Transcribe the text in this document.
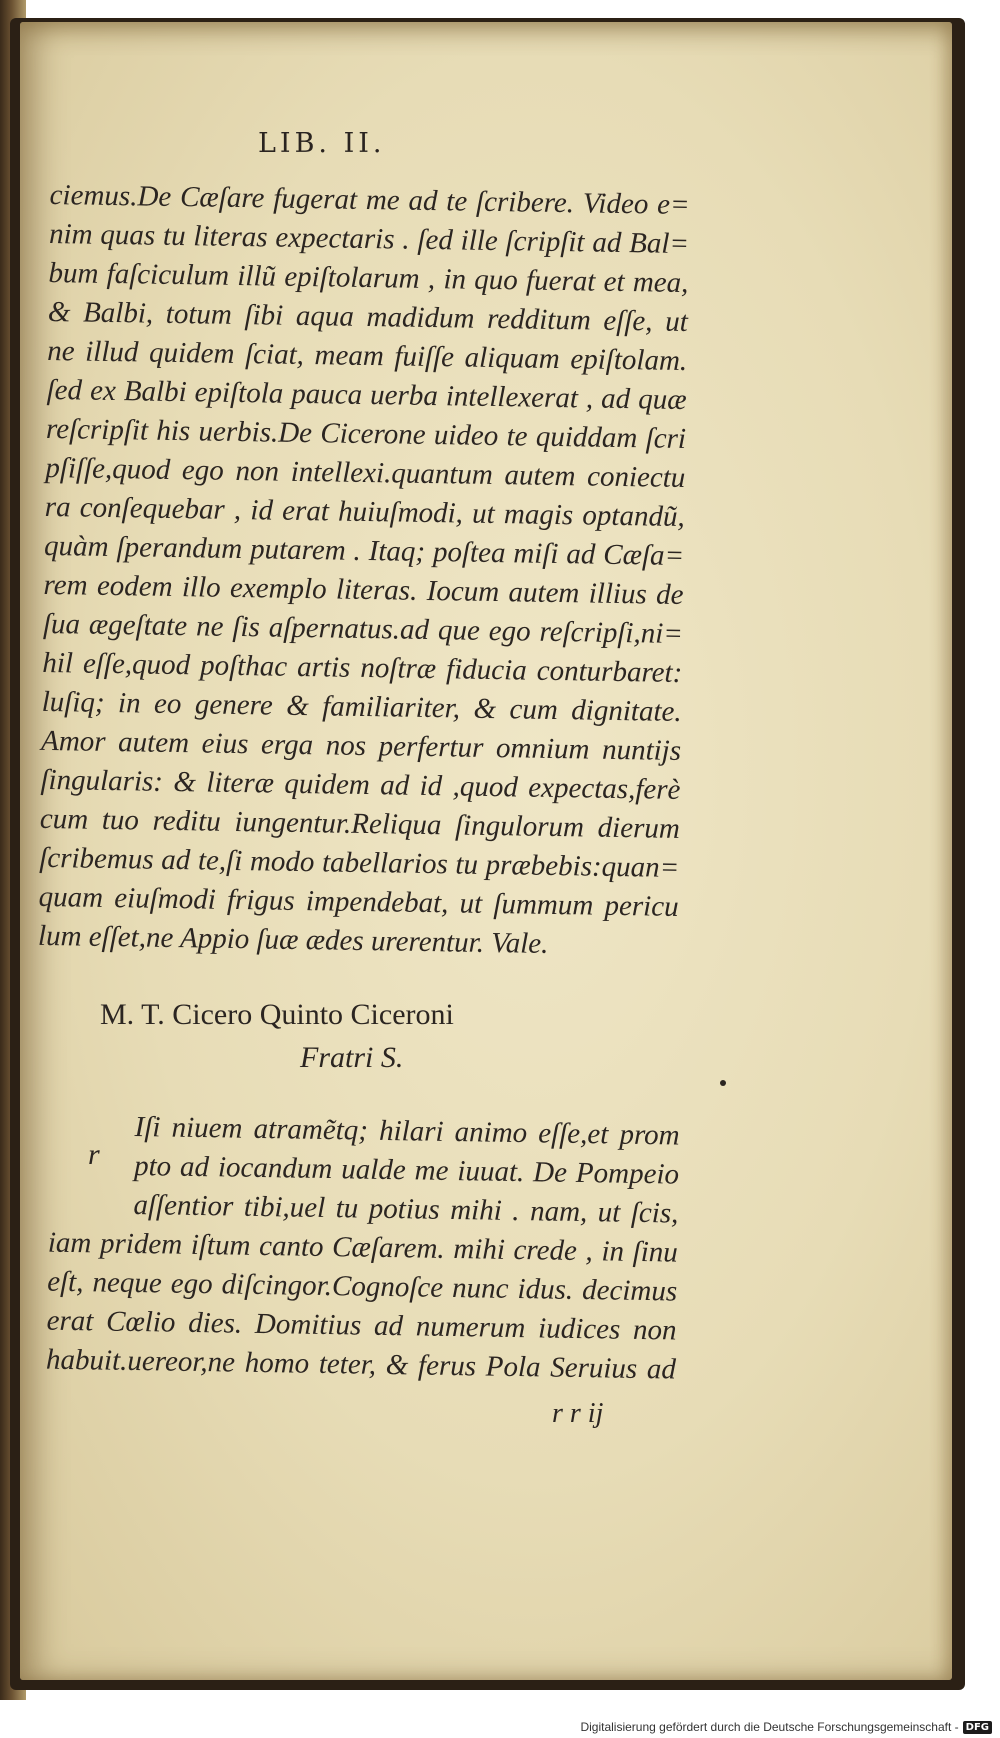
LIB. II.
ciemus.De Cæſare fugerat me ad te ſcribere. Video e=
nim quas tu literas expectaris . ſed ille ſcripſit ad Bal=
bum faſciculum illũ epiſtolarum , in quo fuerat et mea,
& Balbi, totum ſibi aqua madidum redditum eſſe, ut
ne illud quidem ſciat, meam fuiſſe aliquam epiſtolam.
ſed ex Balbi epiſtola pauca uerba intellexerat , ad quæ
reſcripſit his uerbis.De Cicerone uideo te quiddam ſcri
pſiſſe,quod ego non intellexi.quantum autem coniectu
ra conſequebar , id erat huiuſmodi, ut magis optandũ,
quàm ſperandum putarem . Itaq; poſtea miſi ad Cæſa=
rem eodem illo exemplo literas. Iocum autem illius de
ſua ægeſtate ne ſis aſpernatus.ad que ego reſcripſi,ni=
hil eſſe,quod poſthac artis noſtræ fiducia conturbaret:
luſiq; in eo genere & familiariter, & cum dignitate.
Amor autem eius erga nos perfertur omnium nuntijs
ſingularis: & literæ quidem ad id ,quod expectas,ferè
cum tuo reditu iungentur.Reliqua ſingulorum dierum
ſcribemus ad te,ſi modo tabellarios tu præbebis:quan=
quam eiuſmodi frigus impendebat, ut ſummum pericu
lum eſſet,ne Appio ſuæ ædes urerentur. Vale.
M. T. Cicero Quinto Ciceroni
Fratri S.
r
Iſi niuem atramẽtq; hilari animo eſſe,et prom
pto ad iocandum ualde me iuuat. De Pompeio
aſſentior tibi,uel tu potius mihi . nam, ut ſcis,
iam pridem iſtum canto Cæſarem. mihi crede , in ſinu
eſt, neque ego diſcingor.Cognoſce nunc idus. decimus
erat Cœlio dies. Domitius ad numerum iudices non
habuit.uereor,ne homo teter, & ferus Pola Seruius ad
r r ij
Digitalisierung gefördert durch die Deutsche Forschungsgemeinschaft - DFG
